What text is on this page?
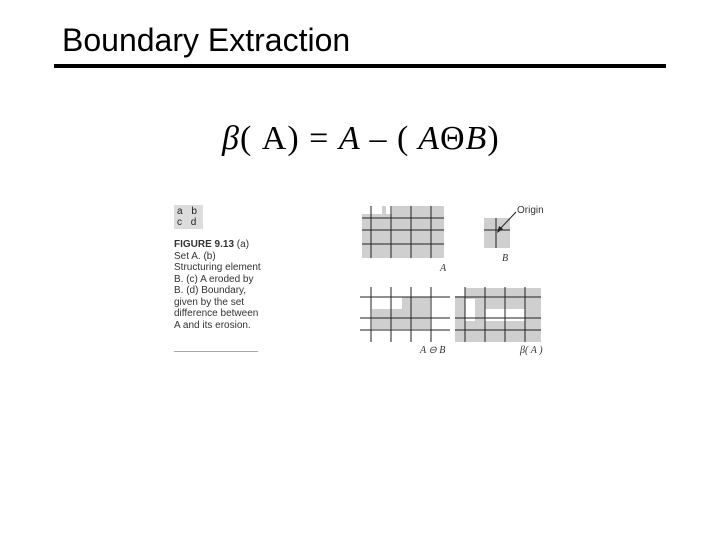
Boundary Extraction
β( A) = A – ( AΘB)
a b
c d
FIGURE 9.13 (a) Set A. (b) Structuring element B. (c) A eroded by B. (d) Boundary, given by the set difference between A and its erosion.
A
Origin
B
A ⊖ B	β( A )
